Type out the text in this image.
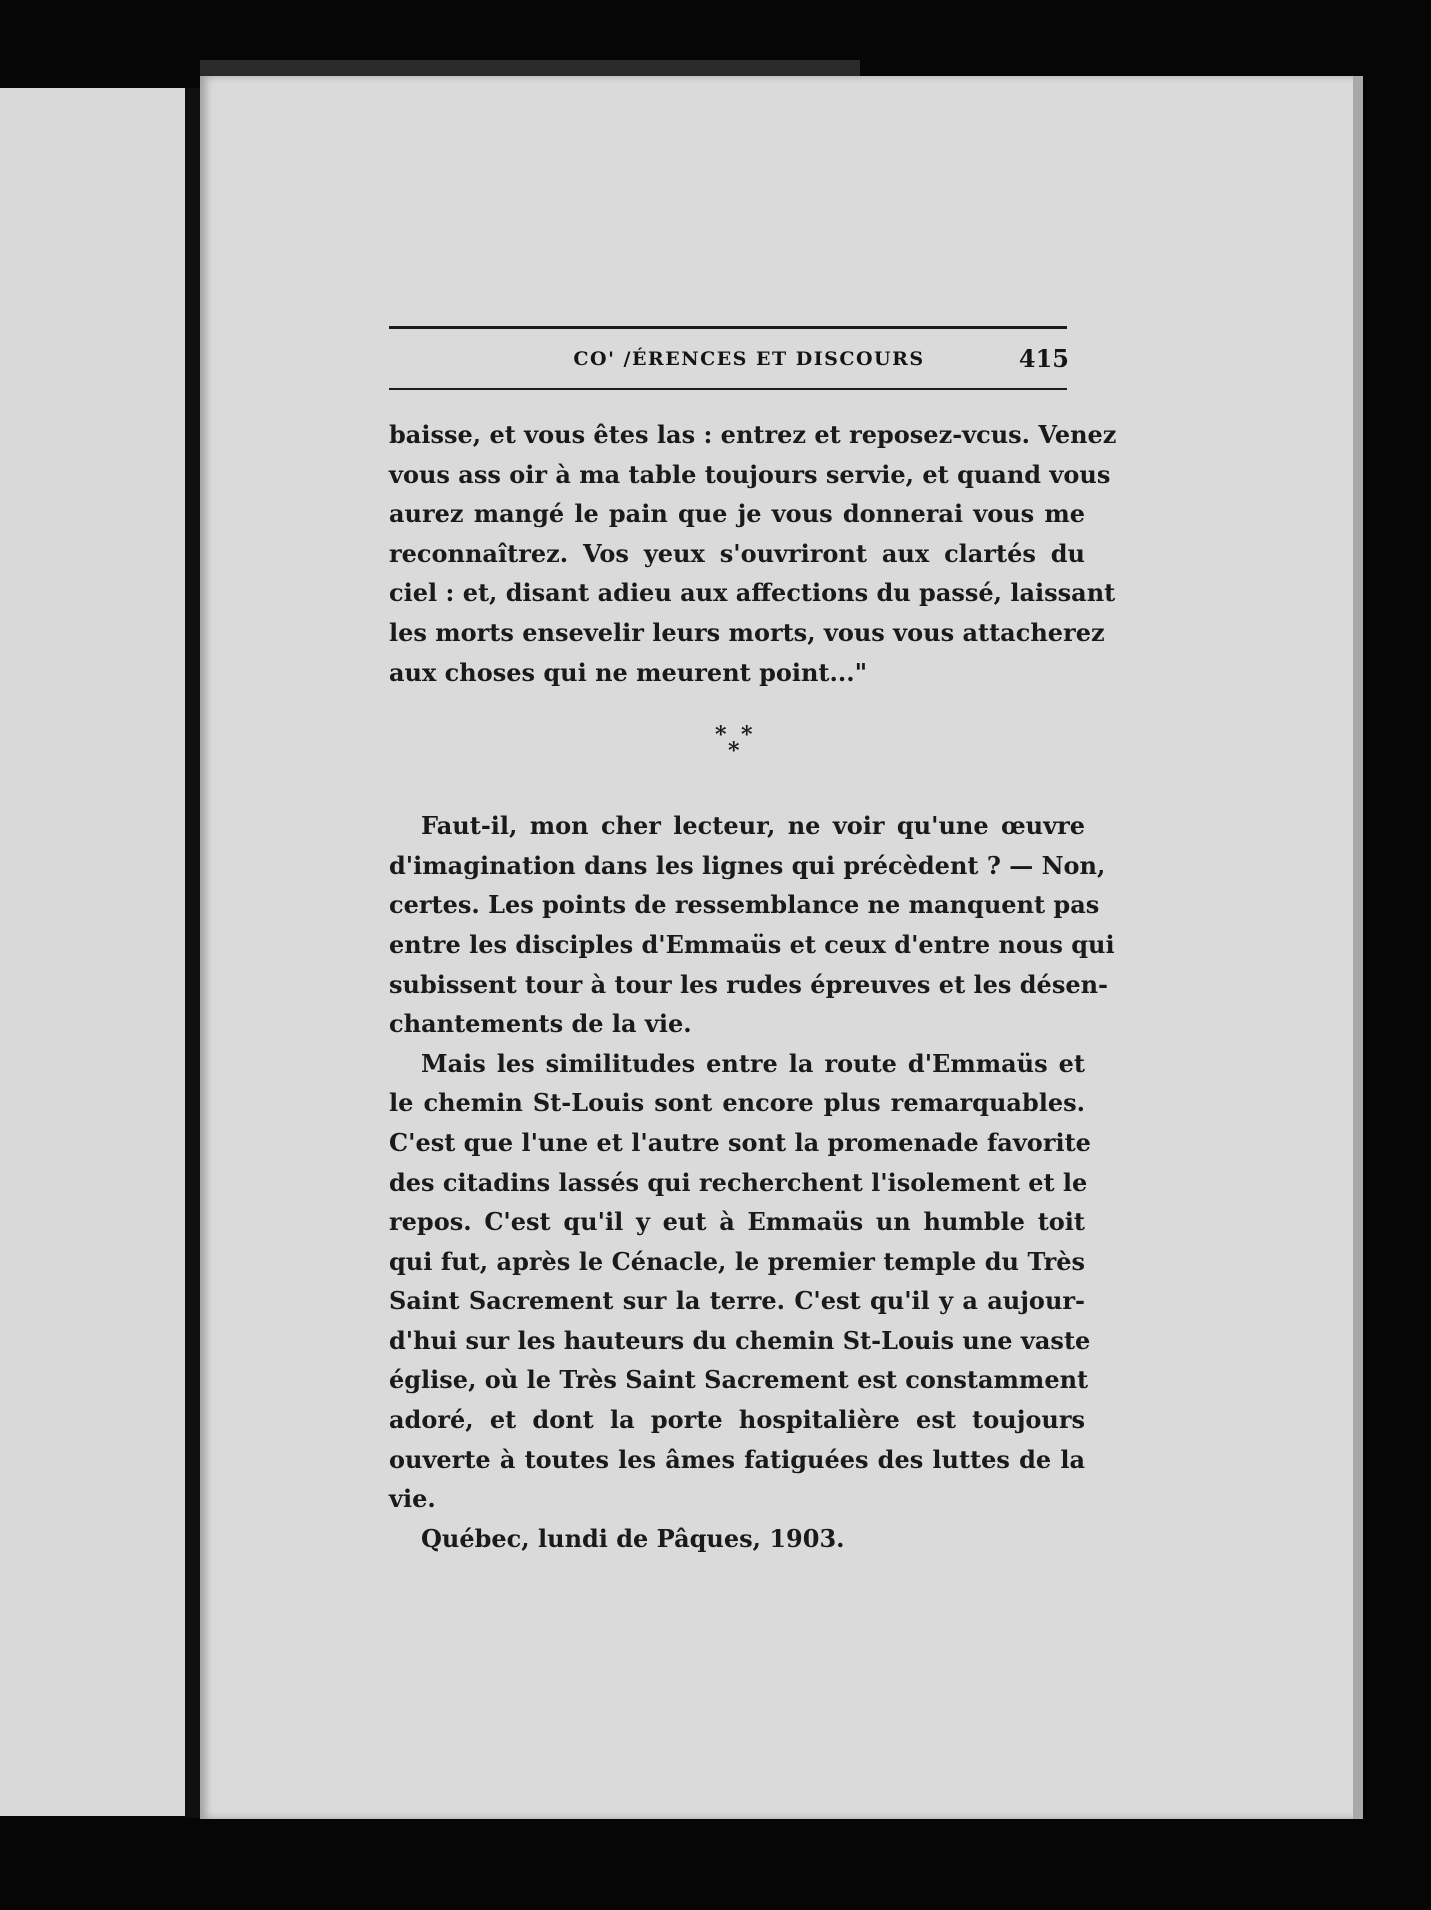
CO' /ÉRENCES ET DISCOURS	415

baisse, et vous êtes las : entrez et reposez-vcus. Venez
vous ass oir à ma table toujours servie, et quand vous
aurez mangé le pain que je vous donnerai vous me
reconnaîtrez. Vos yeux s'ouvriront aux clartés du
ciel : et, disant adieu aux affections du passé, laissant
les morts ensevelir leurs morts, vous vous attacherez
aux choses qui ne meurent point..."

* *
*

Faut-il, mon cher lecteur, ne voir qu'une œuvre
d'imagination dans les lignes qui précèdent ? — Non,
certes. Les points de ressemblance ne manquent pas
entre les disciples d'Emmaüs et ceux d'entre nous qui
subissent tour à tour les rudes épreuves et les désen-
chantements de la vie.

Mais les similitudes entre la route d'Emmaüs et
le chemin St-Louis sont encore plus remarquables.
C'est que l'une et l'autre sont la promenade favorite
des citadins lassés qui recherchent l'isolement et le
repos. C'est qu'il y eut à Emmaüs un humble toit
qui fut, après le Cénacle, le premier temple du Très
Saint Sacrement sur la terre. C'est qu'il y a aujour-
d'hui sur les hauteurs du chemin St-Louis une vaste
église, où le Très Saint Sacrement est constamment
adoré, et dont la porte hospitalière est toujours
ouverte à toutes les âmes fatiguées des luttes de la
vie.

Québec, lundi de Pâques, 1903.
